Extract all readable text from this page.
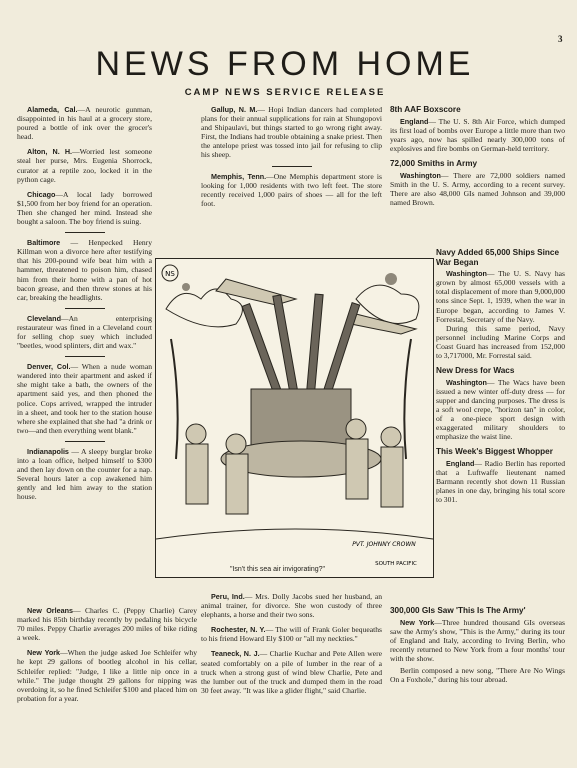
3
NEWS FROM HOME
CAMP NEWS SERVICE RELEASE

Alameda, Cal.—A neurotic gunman, disappointed in his haul at a grocery store, poured a bottle of ink over the grocer's head.

Alton, N. H.—Worried lest someone steal her purse, Mrs. Eugenia Shorrock, curator at a reptile zoo, locked it in the python cage.

Chicago—A local lady borrowed $1,500 from her boy friend for an operation. Then she changed her mind. Instead she bought a saloon. The boy friend is suing.

Baltimore — Henpecked Henry Killman won a divorce here after testifying that his 200-pound wife beat him with a hammer, threatened to poison him, chased him from their home with a pan of hot bacon grease, and then threw stones at his car, breaking the headlights.

Cleveland—An enterprising restaurateur was fined in a Cleveland court for selling chop suey which included "beetles, wood splinters, dirt and wax."

Denver, Col.— When a nude woman wandered into their apartment and asked if she might take a bath, the owners of the apartment said yes, and then phoned the police. Cops arrived, wrapped the intruder in a sheet, and took her to the station house where she explained that she had "a drink or two—and then everything went blank."

Indianapolis — A sleepy burglar broke into a loan office, helped himself to $300 and then lay down on the counter for a nap. Several hours later a cop awakened him gently and led him away to the station house.

Gallup, N. M.— Hopi Indian dancers had completed plans for their annual supplications for rain at Shungopovi and Shipaulavi, but things started to go wrong right away. First, the Indians had trouble obtaining a snake priest. Then the antelope priest was tossed into jail for refusing to clip his sheep.

Memphis, Tenn.—One Memphis department store is looking for 1,000 residents with two left feet. The store recently received 1,000 pairs of shoes — all for the left foot.

8th AAF Boxscore

England— The U. S. 8th Air Force, which dumped its first load of bombs over Europe a little more than two years ago, now has spilled nearly 300,000 tons of explosives and fire bombs on German-held territory.

72,000 Smiths in Army

Washington— There are 72,000 soldiers named Smith in the U. S. Army, according to a recent survey. There are also 48,000 GIs named Johnson and 39,000 named Brown.

Navy Added 65,000 Ships Since War Began

Washington— The U. S. Navy has grown by almost 65,000 vessels with a total displacement of more than 9,000,000 tons since Sept. 1, 1939, when the war in Europe began, according to James V. Forrestal, Secretary of the Navy.

During this same period, Navy personnel including Marine Corps and Coast Guard has increased from 152,000 to 3,717000, Mr. Forrestal said.

New Dress for Wacs

Washington— The Wacs have been issued a new winter off-duty dress — for supper and dancing purposes. The dress is a soft wool crepe, "horizon tan" in color, of a one-piece sport design with exaggerated military shoulders to emphasize the waist line.

This Week's Biggest Whopper

England— Radio Berlin has reported that a Luftwaffe lieutenant named Barmann recently shot down 11 Russian planes in one day, bringing his total score to 301.

NS
PVT. JOHNNY CROWN
SOUTH PACIFIC
"Isn't this sea air invigorating?"

New Orleans— Charles C. (Peppy Charlie) Carey marked his 85th birthday recently by pedaling his bicycle 70 miles. Peppy Charlie averages 200 miles of bike riding a week.

New York—When the judge asked Joe Schleifer why he kept 29 gallons of bootleg alcohol in his cellar, Schleifer replied: "Judge, I like a little nip once in a while." The judge thought 29 gallons for nipping was overdoing it, so he fined Schleifer $100 and placed him on probation for a year.

Peru, Ind.— Mrs. Dolly Jacobs sued her husband, an animal trainer, for divorce. She won custody of three elephants, a horse and their two sons.

Rochester, N. Y.— The will of Frank Goler bequeaths to his friend Howard Ely $100 or "all my neckties."

Teaneck, N. J.— Charlie Kuchar and Pete Allen were seated comfortably on a pile of lumber in the rear of a truck when a strong gust of wind blew Charlie, Pete and the lumber out of the truck and dumped them in the road 30 feet away. "It was like a glider flight," said Charlie.

300,000 GIs Saw 'This Is The Army'

New York—Three hundred thousand GIs overseas saw the Army's show, "This is the Army," during its tour of England and Italy, according to Irving Berlin, who recently returned to New York from a four months' tour with the show.

Berlin composed a new song, "There Are No Wings On a Foxhole," during his tour abroad.
